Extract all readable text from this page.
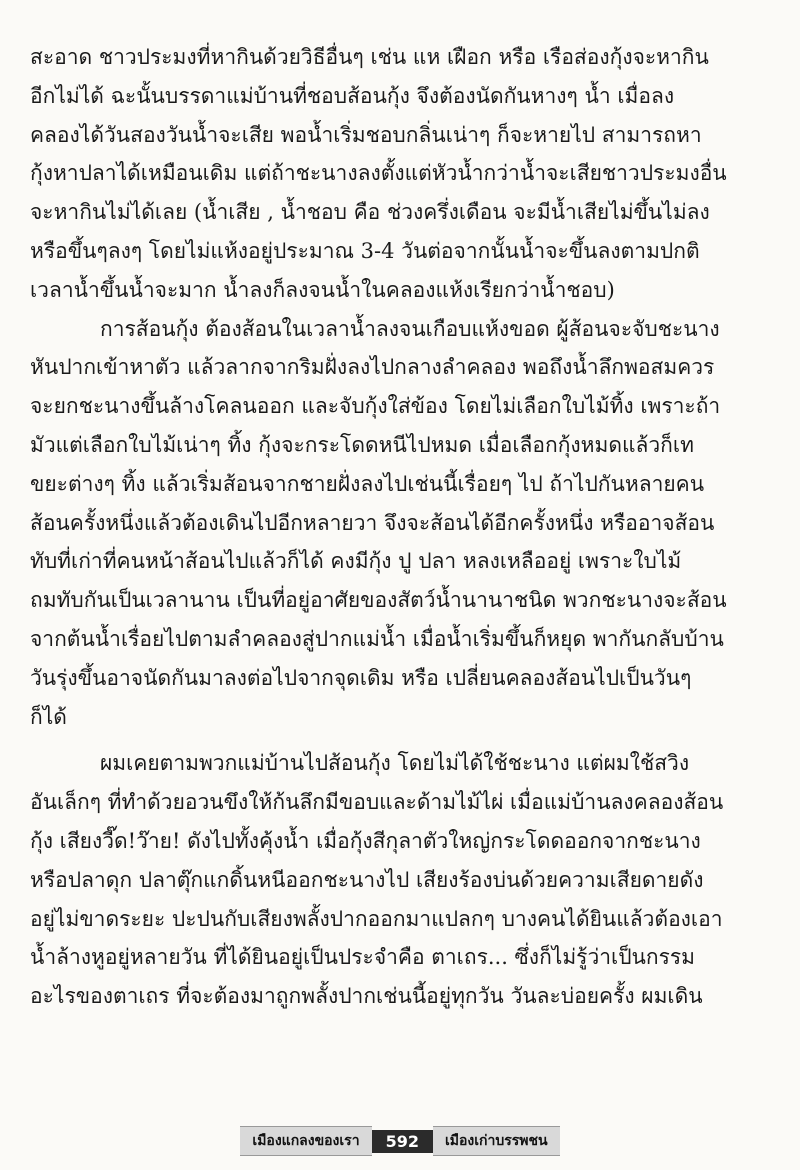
สะอาด ชาวประมงที่หากินด้วยวิธีอื่นๆ เช่น แห เฝือก หรือ เรือส่องกุ้งจะหากิน
อีกไม่ได้ ฉะนั้นบรรดาแม่บ้านที่ชอบส้อนกุ้ง จึงต้องนัดกันหางๆ น้ำ เมื่อลง
คลองได้วันสองวันน้ำจะเสีย พอน้ำเริ่มชอบกลิ่นเน่าๆ ก็จะหายไป สามารถหา
กุ้งหาปลาได้เหมือนเดิม แต่ถ้าชะนางลงตั้งแต่หัวน้ำกว่าน้ำจะเสียชาวประมงอื่น
จะหากินไม่ได้เลย (น้ำเสีย , น้ำชอบ คือ ช่วงครึ่งเดือน จะมีน้ำเสียไม่ขึ้นไม่ลง
หรือขึ้นๆลงๆ โดยไม่แห้งอยู่ประมาณ 3-4 วันต่อจากนั้นน้ำจะขึ้นลงตามปกติ
เวลาน้ำขึ้นน้ำจะมาก น้ำลงก็ลงจนน้ำในคลองแห้งเรียกว่าน้ำชอบ)
การส้อนกุ้ง ต้องส้อนในเวลาน้ำลงจนเกือบแห้งขอด ผู้ส้อนจะจับชะนาง
หันปากเข้าหาตัว แล้วลากจากริมฝั่งลงไปกลางลำคลอง พอถึงน้ำลึกพอสมควร
จะยกชะนางขึ้นล้างโคลนออก และจับกุ้งใส่ข้อง โดยไม่เลือกใบไม้ทิ้ง เพราะถ้า
มัวแต่เลือกใบไม้เน่าๆ ทิ้ง กุ้งจะกระโดดหนีไปหมด เมื่อเลือกกุ้งหมดแล้วก็เท
ขยะต่างๆ ทิ้ง แล้วเริ่มส้อนจากชายฝั่งลงไปเช่นนี้เรื่อยๆ ไป ถ้าไปกันหลายคน
ส้อนครั้งหนึ่งแล้วต้องเดินไปอีกหลายวา จึงจะส้อนได้อีกครั้งหนึ่ง หรืออาจส้อน
ทับที่เก่าที่คนหน้าส้อนไปแล้วก็ได้ คงมีกุ้ง ปู ปลา หลงเหลืออยู่ เพราะใบไม้
ถมทับกันเป็นเวลานาน เป็นที่อยู่อาศัยของสัตว์น้ำนานาชนิด พวกชะนางจะส้อน
จากต้นน้ำเรื่อยไปตามลำคลองสู่ปากแม่น้ำ เมื่อน้ำเริ่มขึ้นก็หยุด พากันกลับบ้าน
วันรุ่งขึ้นอาจนัดกันมาลงต่อไปจากจุดเดิม หรือ เปลี่ยนคลองส้อนไปเป็นวันๆ
ก็ได้
ผมเคยตามพวกแม่บ้านไปส้อนกุ้ง โดยไม่ได้ใช้ชะนาง แต่ผมใช้สวิง
อันเล็กๆ ที่ทำด้วยอวนขึงให้ก้นลึกมีขอบและด้ามไม้ไผ่ เมื่อแม่บ้านลงคลองส้อน
กุ้ง เสียงวี๊ด!ว๊าย! ดังไปทั้งคุ้งน้ำ เมื่อกุ้งสีกุลาตัวใหญ่กระโดดออกจากชะนาง
หรือปลาดุก ปลาตุ๊กแกดิ้นหนีออกชะนางไป เสียงร้องบ่นด้วยความเสียดายดัง
อยู่ไม่ขาดระยะ ปะปนกับเสียงพลั้งปากออกมาแปลกๆ บางคนได้ยินแล้วต้องเอา
น้ำล้างหูอยู่หลายวัน ที่ได้ยินอยู่เป็นประจำคือ ตาเถร... ซึ่งก็ไม่รู้ว่าเป็นกรรม
อะไรของตาเถร ที่จะต้องมาถูกพลั้งปากเช่นนี้อยู่ทุกวัน วันละบ่อยครั้ง ผมเดิน
เมืองแกลงของเรา	592	เมืองเก่าบรรพชน
